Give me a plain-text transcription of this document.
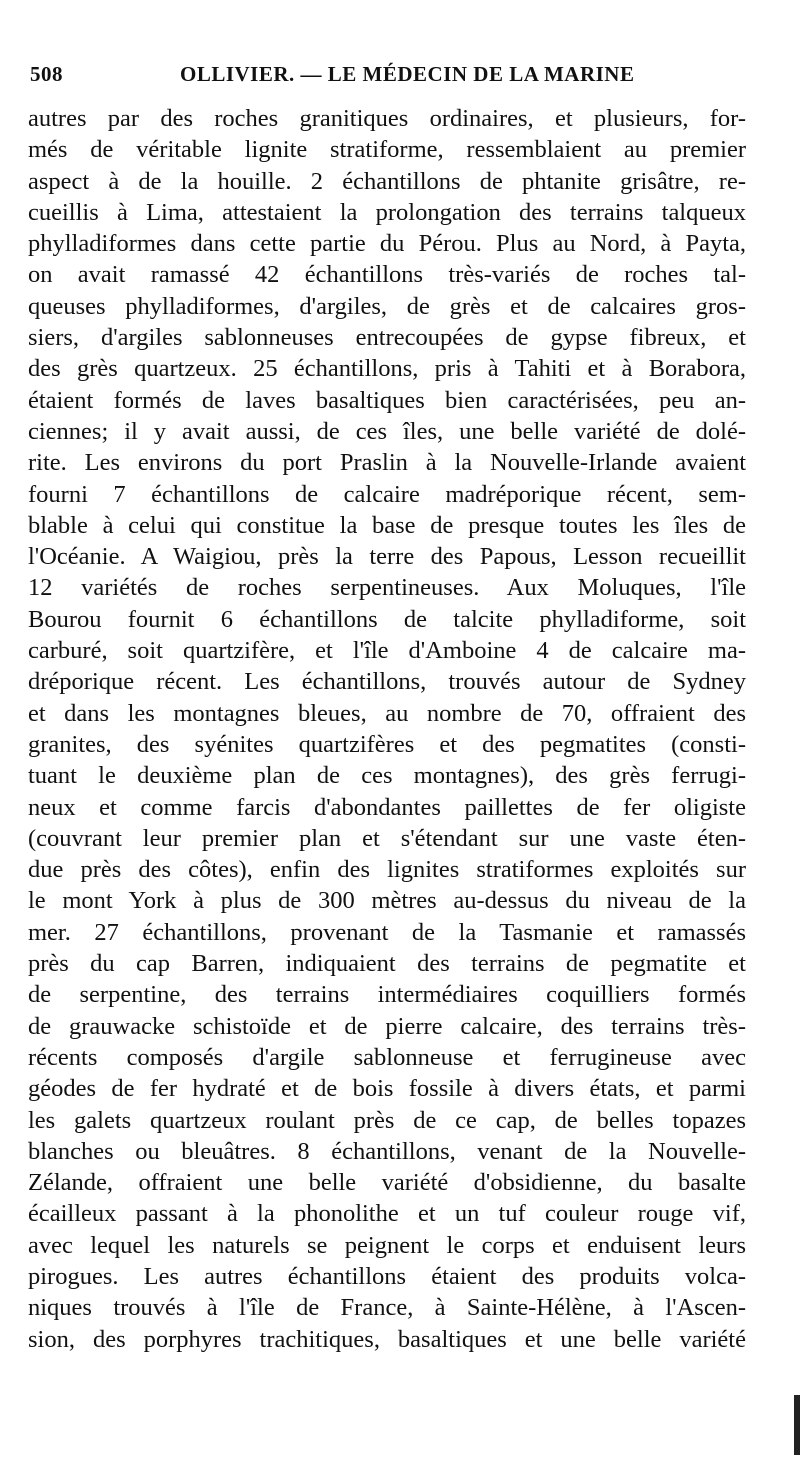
508	OLLIVIER. — LE MÉDECIN DE LA MARINE
autres par des roches granitiques ordinaires, et plusieurs, for-
més de véritable lignite stratiforme, ressemblaient au premier
aspect à de la houille. 2 échantillons de phtanite grisâtre, re-
cueillis à Lima, attestaient la prolongation des terrains talqueux
phylladiformes dans cette partie du Pérou. Plus au Nord, à Payta,
on avait ramassé 42 échantillons très-variés de roches tal-
queuses phylladiformes, d'argiles, de grès et de calcaires gros-
siers, d'argiles sablonneuses entrecoupées de gypse fibreux, et
des grès quartzeux. 25 échantillons, pris à Tahiti et à Borabora,
étaient formés de laves basaltiques bien caractérisées, peu an-
ciennes; il y avait aussi, de ces îles, une belle variété de dolé-
rite. Les environs du port Praslin à la Nouvelle-Irlande avaient
fourni 7 échantillons de calcaire madréporique récent, sem-
blable à celui qui constitue la base de presque toutes les îles de
l'Océanie. A Waigiou, près la terre des Papous, Lesson recueillit
12 variétés de roches serpentineuses. Aux Moluques, l'île
Bourou fournit 6 échantillons de talcite phylladiforme, soit
carburé, soit quartzifère, et l'île d'Amboine 4 de calcaire ma-
dréporique récent. Les échantillons, trouvés autour de Sydney
et dans les montagnes bleues, au nombre de 70, offraient des
granites, des syénites quartzifères et des pegmatites (consti-
tuant le deuxième plan de ces montagnes), des grès ferrugi-
neux et comme farcis d'abondantes paillettes de fer oligiste
(couvrant leur premier plan et s'étendant sur une vaste éten-
due près des côtes), enfin des lignites stratiformes exploités sur
le mont York à plus de 300 mètres au-dessus du niveau de la
mer. 27 échantillons, provenant de la Tasmanie et ramassés
près du cap Barren, indiquaient des terrains de pegmatite et
de serpentine, des terrains intermédiaires coquilliers formés
de grauwacke schistoïde et de pierre calcaire, des terrains très-
récents composés d'argile sablonneuse et ferrugineuse avec
géodes de fer hydraté et de bois fossile à divers états, et parmi
les galets quartzeux roulant près de ce cap, de belles topazes
blanches ou bleuâtres. 8 échantillons, venant de la Nouvelle-
Zélande, offraient une belle variété d'obsidienne, du basalte
écailleux passant à la phonolithe et un tuf couleur rouge vif,
avec lequel les naturels se peignent le corps et enduisent leurs
pirogues. Les autres échantillons étaient des produits volca-
niques trouvés à l'île de France, à Sainte-Hélène, à l'Ascen-
sion, des porphyres trachitiques, basaltiques et une belle variété
